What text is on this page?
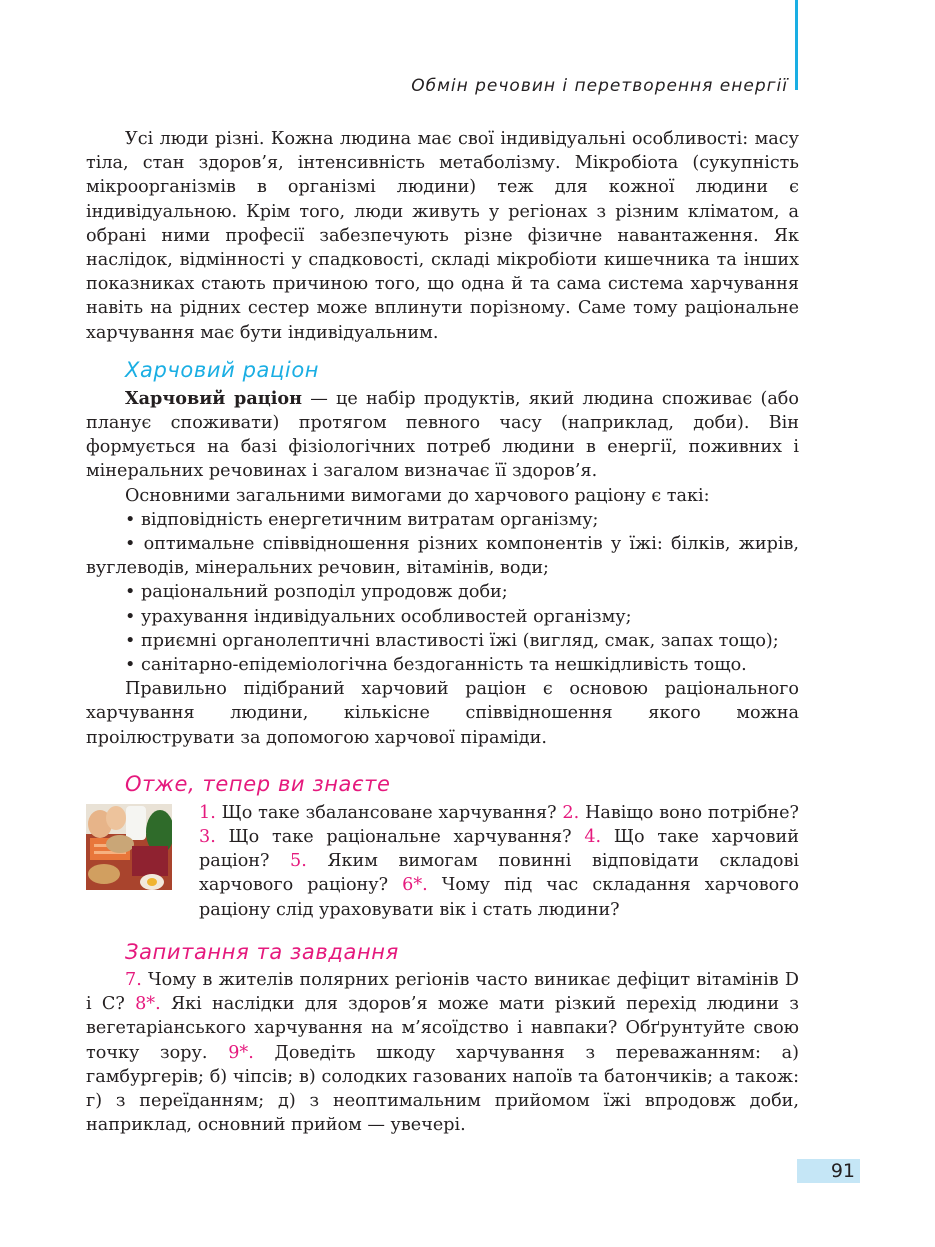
Обмін речовин і перетворення енергії

Усі люди різні. Кожна людина має свої індивідуальні особливості: масу тіла, стан здоров’я, інтенсивність метаболізму. Мікробіота (сукупність мікроорганізмів в організмі людини) теж для кожної людини є індивідуальною. Крім того, люди живуть у регіонах з різним кліматом, а обрані ними професії забезпечують різне фізичне навантаження. Як наслідок, відмінності у спадковості, складі мікробіоти кишечника та інших показниках стають причиною того, що одна й та сама система харчування навіть на рідних сестер може вплинути порізному. Саме тому раціональне харчування має бути індивідуальним.

Харчовий раціон

Харчовий раціон — це набір продуктів, який людина споживає (або планує споживати) протягом певного часу (наприклад, доби). Він формується на базі фізіологічних потреб людини в енергії, поживних і мінеральних речовинах і загалом визначає її здоров’я.

Основними загальними вимогами до харчового раціону є такі:

• відповідність енергетичним витратам організму;

• оптимальне співвідношення різних компонентів у їжі: білків, жирів, вуглеводів, мінеральних речовин, вітамінів, води;

• раціональний розподіл упродовж доби;

• урахування індивідуальних особливостей організму;

• приємні органолептичні властивості їжі (вигляд, смак, запах тощо);

• санітарно-епідеміологічна бездоганність та нешкідливість тощо.

Правильно підібраний харчовий раціон є основою раціонального харчування людини, кількісне співвідношення якого можна проілюструвати за допомогою харчової піраміди.

Отже, тепер ви знаєте

1. Що таке збалансоване харчування? 2. Навіщо воно потрібне? 3. Що таке раціональне харчування? 4. Що таке харчовий раціон? 5. Яким вимогам повинні відповідати складові харчового раціону? 6*. Чому під час складання харчового раціону слід ураховувати вік і стать людини?

Запитання та завдання

7. Чому в жителів полярних регіонів часто виникає дефіцит вітамінів D і C? 8*. Які наслідки для здоров’я може мати різкий перехід людини з вегетаріанського харчування на м’ясоїдство і навпаки? Обґрунтуйте свою точку зору. 9*. Доведіть шкоду харчування з переважанням: а) гамбургерів; б) чіпсів; в) солодких газованих напоїв та батончиків; а також: г) з переїданням; д) з неоптимальним прийомом їжі впродовж доби, наприклад, основний прийом — увечері.

91
